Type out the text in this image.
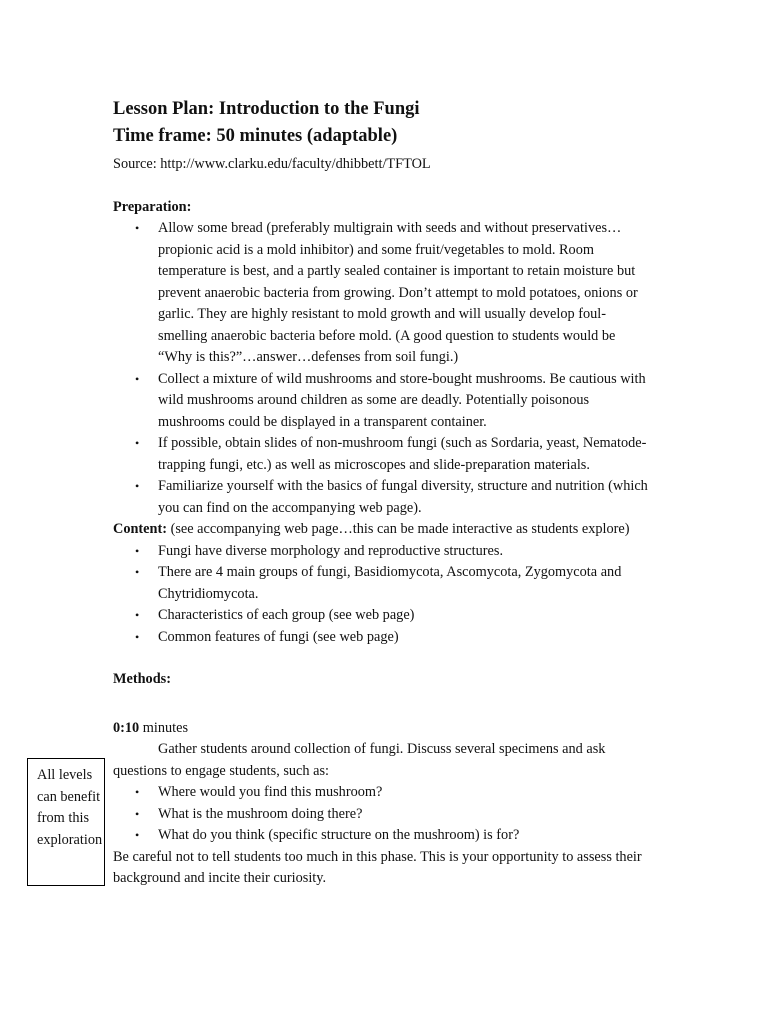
Lesson Plan: Introduction to the Fungi
Time frame: 50 minutes (adaptable)

Source: http://www.clarku.edu/faculty/dhibbett/TFTOL

Preparation:
• Allow some bread (preferably multigrain with seeds and without preservatives… propionic acid is a mold inhibitor) and some fruit/vegetables to mold. Room temperature is best, and a partly sealed container is important to retain moisture but prevent anaerobic bacteria from growing. Don’t attempt to mold potatoes, onions or garlic. They are highly resistant to mold growth and will usually develop foul-smelling anaerobic bacteria before mold. (A good question to students would be “Why is this?”…answer…defenses from soil fungi.)
• Collect a mixture of wild mushrooms and store-bought mushrooms. Be cautious with wild mushrooms around children as some are deadly. Potentially poisonous mushrooms could be displayed in a transparent container.
• If possible, obtain slides of non-mushroom fungi (such as Sordaria, yeast, Nematode-trapping fungi, etc.) as well as microscopes and slide-preparation materials.
• Familiarize yourself with the basics of fungal diversity, structure and nutrition (which you can find on the accompanying web page).

Content: (see accompanying web page…this can be made interactive as students explore)

• Fungi have diverse morphology and reproductive structures.
• There are 4 main groups of fungi, Basidiomycota, Ascomycota, Zygomycota and Chytridiomycota.
• Characteristics of each group (see web page)
• Common features of fungi (see web page)
Methods:

0:10 minutes

Gather students around collection of fungi. Discuss several specimens and ask questions to engage students, such as:

• Where would you find this mushroom?
• What is the mushroom doing there?
• What do you think (specific structure on the mushroom) is for?

Be careful not to tell students too much in this phase. This is your opportunity to assess their background and incite their curiosity.

All levels can benefit from this exploration
